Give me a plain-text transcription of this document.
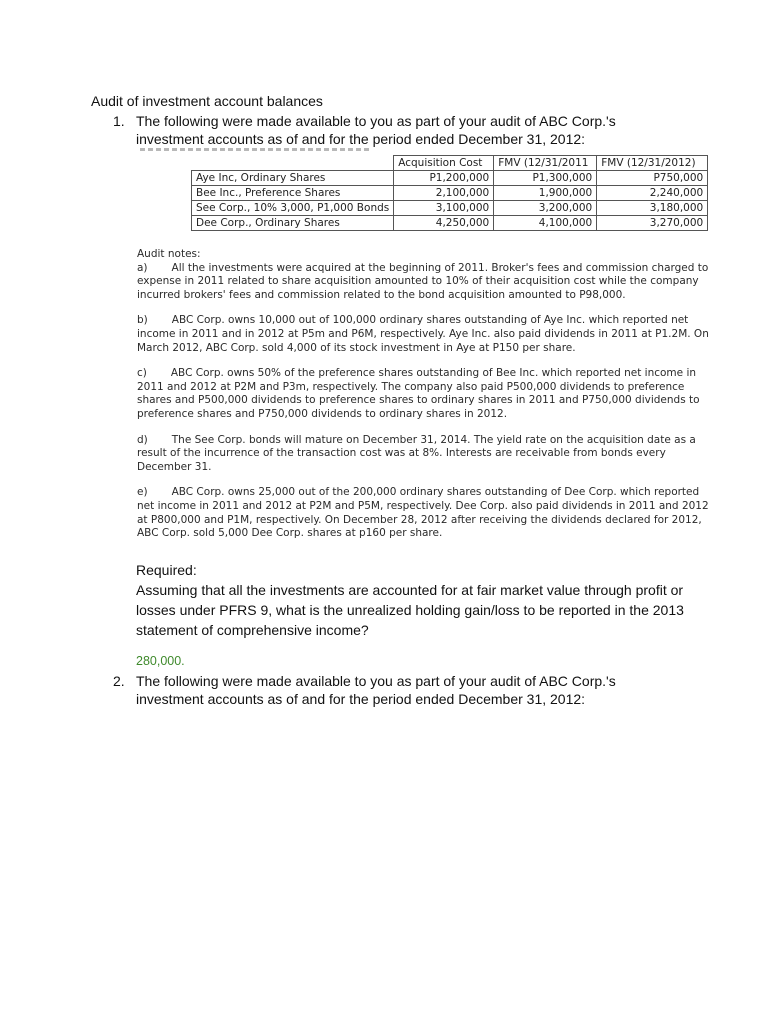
Audit of investment account balances
1. The following were made available to you as part of your audit of ABC Corp.'s investment accounts as of and for the period ended December 31, 2012:
	Acquisition Cost	FMV (12/31/2011	FMV (12/31/2012)
Aye Inc, Ordinary Shares	P1,200,000	P1,300,000	P750,000
Bee Inc., Preference Shares	2,100,000	1,900,000	2,240,000
See Corp., 10% 3,000, P1,000 Bonds	3,100,000	3,200,000	3,180,000
Dee Corp., Ordinary Shares	4,250,000	4,100,000	3,270,000

Audit notes:

a) All the investments were acquired at the beginning of 2011. Broker's fees and commission charged to expense in 2011 related to share acquisition amounted to 10% of their acquisition cost while the company incurred brokers' fees and commission related to the bond acquisition amounted to P98,000.

b) ABC Corp. owns 10,000 out of 100,000 ordinary shares outstanding of Aye Inc. which reported net income in 2011 and in 2012 at P5m and P6M, respectively. Aye Inc. also paid dividends in 2011 at P1.2M. On March 2012, ABC Corp. sold 4,000 of its stock investment in Aye at P150 per share.

c) ABC Corp. owns 50% of the preference shares outstanding of Bee Inc. which reported net income in 2011 and 2012 at P2M and P3m, respectively. The company also paid P500,000 dividends to preference shares and P500,000 dividends to preference shares to ordinary shares in 2011 and P750,000 dividends to preference shares and P750,000 dividends to ordinary shares in 2012.

d) The See Corp. bonds will mature on December 31, 2014. The yield rate on the acquisition date as a result of the incurrence of the transaction cost was at 8%. Interests are receivable from bonds every December 31.

e) ABC Corp. owns 25,000 out of the 200,000 ordinary shares outstanding of Dee Corp. which reported net income in 2011 and 2012 at P2M and P5M, respectively. Dee Corp. also paid dividends in 2011 and 2012 at P800,000 and P1M, respectively. On December 28, 2012 after receiving the dividends declared for 2012, ABC Corp. sold 5,000 Dee Corp. shares at p160 per share.

Required:

Assuming that all the investments are accounted for at fair market value through profit or losses under PFRS 9, what is the unrealized holding gain/loss to be reported in the 2013 statement of comprehensive income?

280,000.
2. The following were made available to you as part of your audit of ABC Corp.'s investment accounts as of and for the period ended December 31, 2012:
